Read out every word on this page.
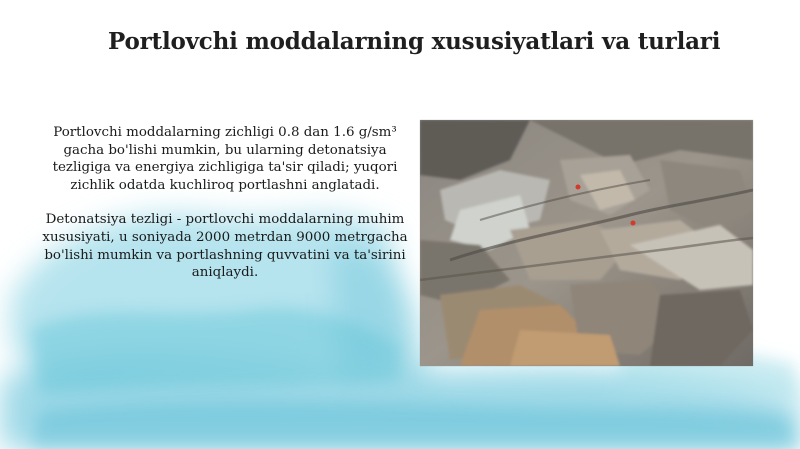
Portlovchi moddalarning xususiyatlari va turlari

Portlovchi moddalarning zichligi 0.8 dan 1.6 g/sm³ gacha bo'lishi mumkin, bu ularning detonatsiya tezligiga va energiya zichligiga ta'sir qiladi; yuqori zichlik odatda kuchliroq portlashni anglatadi.

Detonatsiya tezligi - portlovchi moddalarning muhim xususiyati, u soniyada 2000 metrdan 9000 metrgacha bo'lishi mumkin va portlashning quvvatini va ta'sirini aniqlaydi.
